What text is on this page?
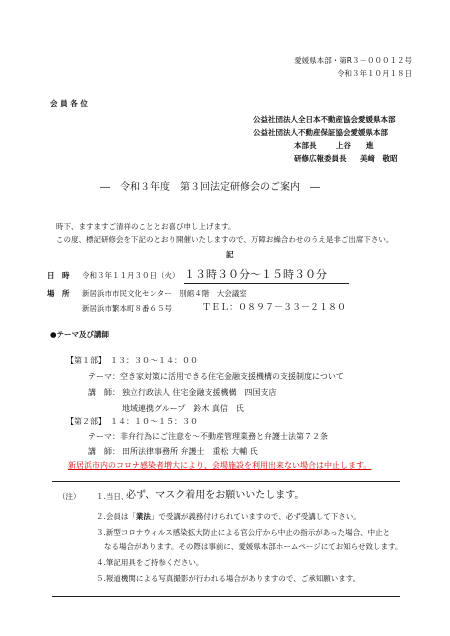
愛媛県本部・第R３－０００１２号
令和３年１０月１８日
会 員 各 位
公益社団法人全日本不動産協会愛媛県本部
公益社団法人不動産保証協会愛媛県本部
本部長	上谷　　進
研修広報委員長 美﨑　敬昭
―　令和３年度　第３回法定研修会のご案内　―
時下、ますますご清祥のこととお喜び申し上げます。
この度、標記研修会を下記のとおり開催いたしますので、万障お繰合わせのうえ是非ご出席下さい。
記
日　時 令和３年１１月３０日（火） １３時３０分～１５時３０分
場　所 新居浜市市民文化センター　別館４階　大会議室
新居浜市繁本町８番６５号	ＴＥＬ：０８９７－３３－２１８０
●テーマ及び講師
【第１部】　１３：３０～１４：００
テーマ：空き家対策に活用できる住宅金融支援機構の支援制度について
講　師： 独立行政法人 住宅金融支援機構　四国支店
地域連携グループ　鈴木 真信　氏
【第２部】　１４：１０～１５：３０
テーマ：非弁行為にご注意を～不動産管理業務と弁護士法第７２条
講　師： 田所法律事務所 弁護士　重松 大輔 氏
新居浜市内のコロナ感染者増大により、会場施設を利用出来ない場合は中止します。
（注） １.当日、
必ず、マスク着用をお願いいたします。
２.会員は「業法」で受講が義務付けられていますので、必ず受講して下さい。
３.新型コロナウィルス感染拡大防止による官公庁から中止の指示があった場合、中止と
なる場合があります。その際は事前に、愛媛県本部ホームページにてお知らせ致します。
４.筆記用具をご持参ください。
５.報道機関による写真撮影が行われる場合がありますので、ご承知願います。
